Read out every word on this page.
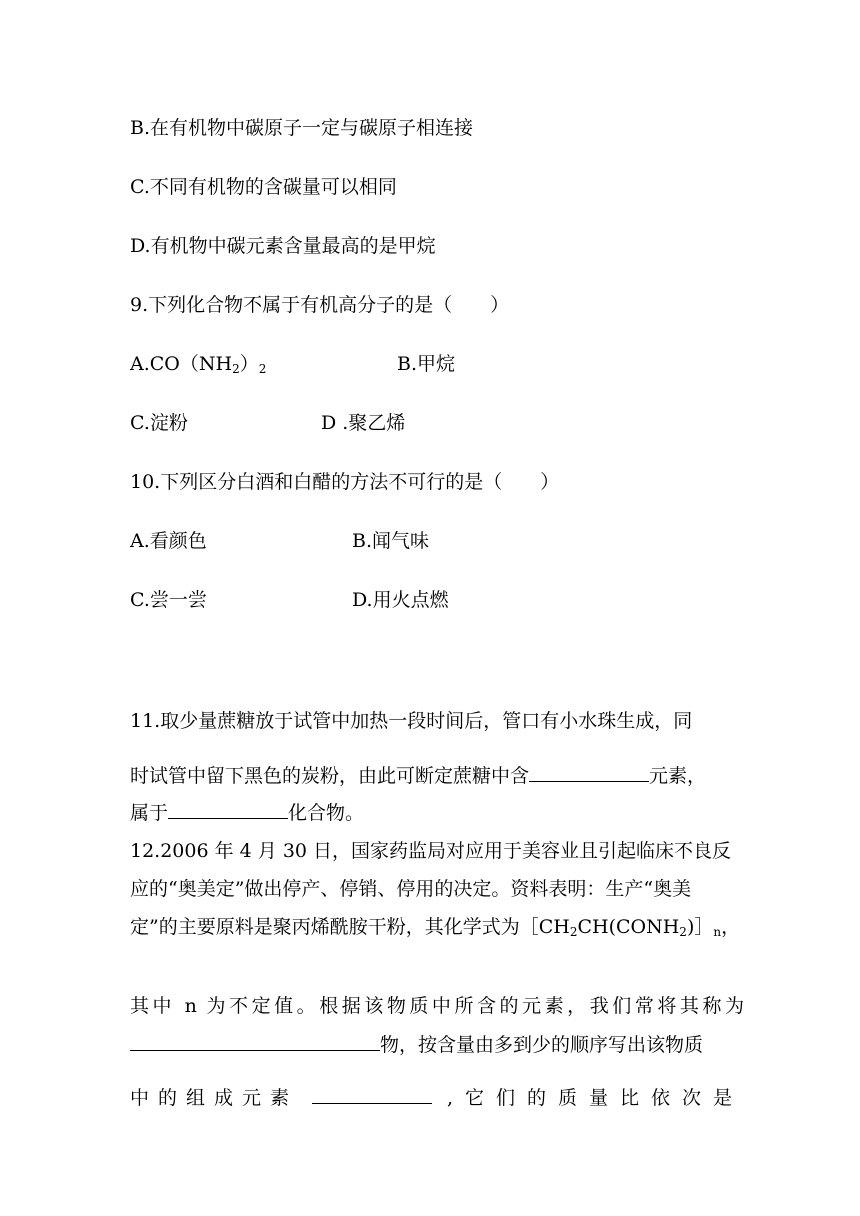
B.在有机物中碳原子一定与碳原子相连接
C.不同有机物的含碳量可以相同
D.有机物中碳元素含量最高的是甲烷
9.下列化合物不属于有机高分子的是（　　）
$A.CO(NH_2)_2$	B.甲烷
C.淀粉	D .聚乙烯
10.下列区分白酒和白醋的方法不可行的是（　　）
A.看颜色	B.闻气味
C.尝一尝	D.用火点燃
11.取少量蔗糖放于试管中加热一段时间后，管口有小水珠生成，同
时试管中留下黑色的炭粉，由此可断定蔗糖中含	元素，
属于	化合物。
12.2006 年 4 月 30 日，国家药监局对应用于美容业且引起临床不良反
应的“奥美定”做出停产、停销、停用的决定。资料表明：生产“奥美
定”的主要原料是聚丙烯酰胺干粉，其化学式为$[CH_2CH(CONH_2)]_n$，
其中 n 为不定值。根据该物质中所含的元素，我们常将其称为
物，按含量由多到少的顺序写出该物质
中的组成元素	,它们的质量比依次是
